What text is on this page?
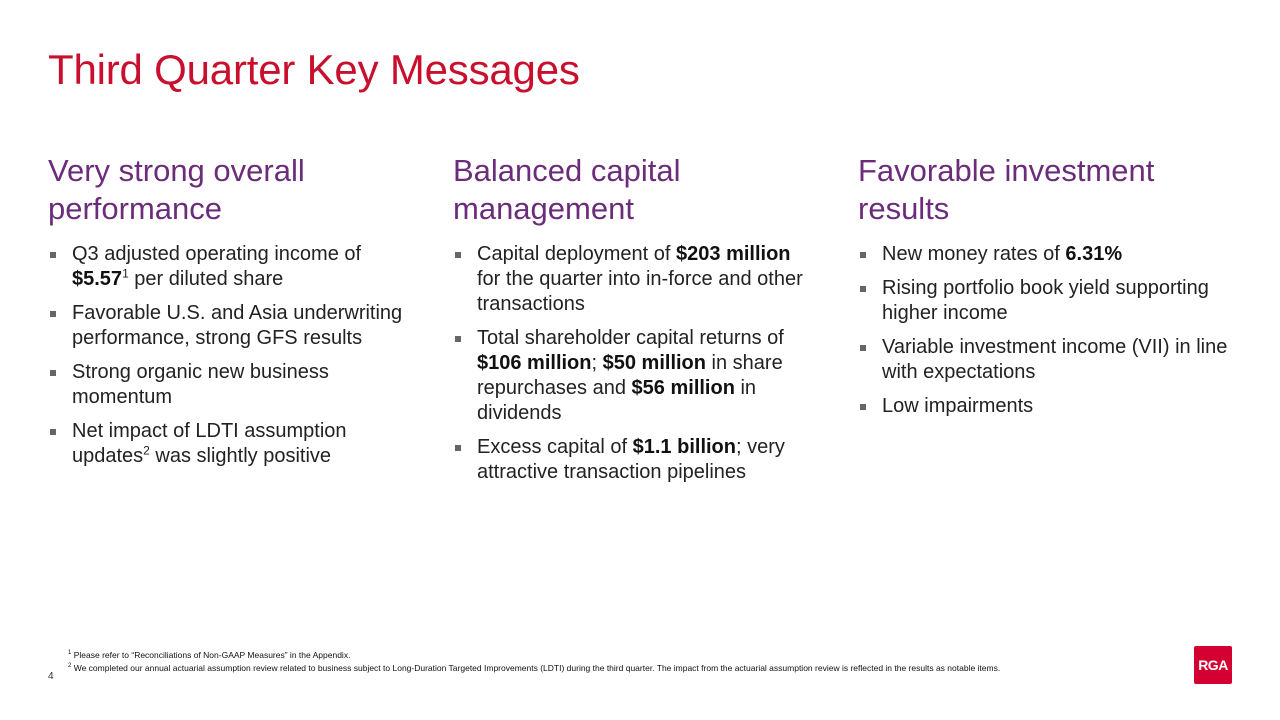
Third Quarter Key Messages
Very strong overall
performance
Q3 adjusted operating income of $5.57$^1$ per diluted share
Favorable U.S. and Asia underwriting performance, strong GFS results
Strong organic new business momentum
Net impact of LDTI assumption updates$^2$ was slightly positive
Balanced capital
management
Capital deployment of $203 million for the quarter into in-force and other transactions
Total shareholder capital returns of $106 million; $50 million in share repurchases and $56 million in dividends
Excess capital of $1.1 billion; very attractive transaction pipelines
Favorable investment
results
New money rates of 6.31%
Rising portfolio book yield supporting higher income
Variable investment income (VII) in line with expectations
Low impairments
$^1$ Please refer to “Reconciliations of Non-GAAP Measures” in the Appendix.
$^2$ We completed our annual actuarial assumption review related to business subject to Long-Duration Targeted Improvements (LDTI) during the third quarter. The impact from the actuarial assumption review is reflected in the results as notable items.
4
RGA
